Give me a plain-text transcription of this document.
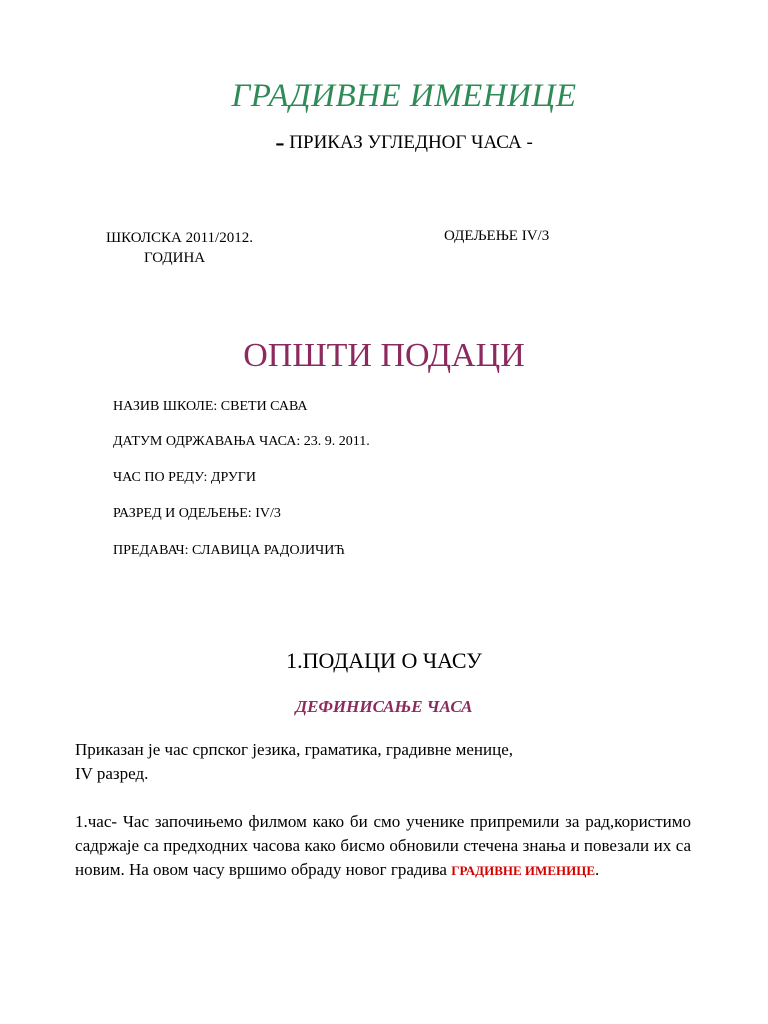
ГРАДИВНЕ ИМЕНИЦЕ
- ПРИКАЗ УГЛЕДНОГ ЧАСА -
ШКОЛСКА 2011/2012.
ГОДИНА
ОДЕЉЕЊЕ IV/3
ОПШТИ ПОДАЦИ
НАЗИВ ШКОЛЕ: СВЕТИ САВА
ДАТУМ ОДРЖАВАЊА ЧАСА: 23. 9. 2011.
ЧАС ПО РЕДУ: ДРУГИ
РАЗРЕД И ОДЕЉЕЊЕ: IV/3
ПРЕДАВАЧ: СЛАВИЦА РАДОЈИЧИЋ
1.ПОДАЦИ О ЧАСУ
ДЕФИНИСАЊЕ ЧАСА
Приказан је час српског језика, граматика, градивне менице,
IV разред.
1.час- Час започињемо филмом како би смо ученике припремили за рад,користимо садржаје са предходних часова како бисмо обновили стечена знања и повезали их са новим. На овом часу вршимо обраду новог градива ГРАДИВНЕ ИМЕНИЦЕ.
